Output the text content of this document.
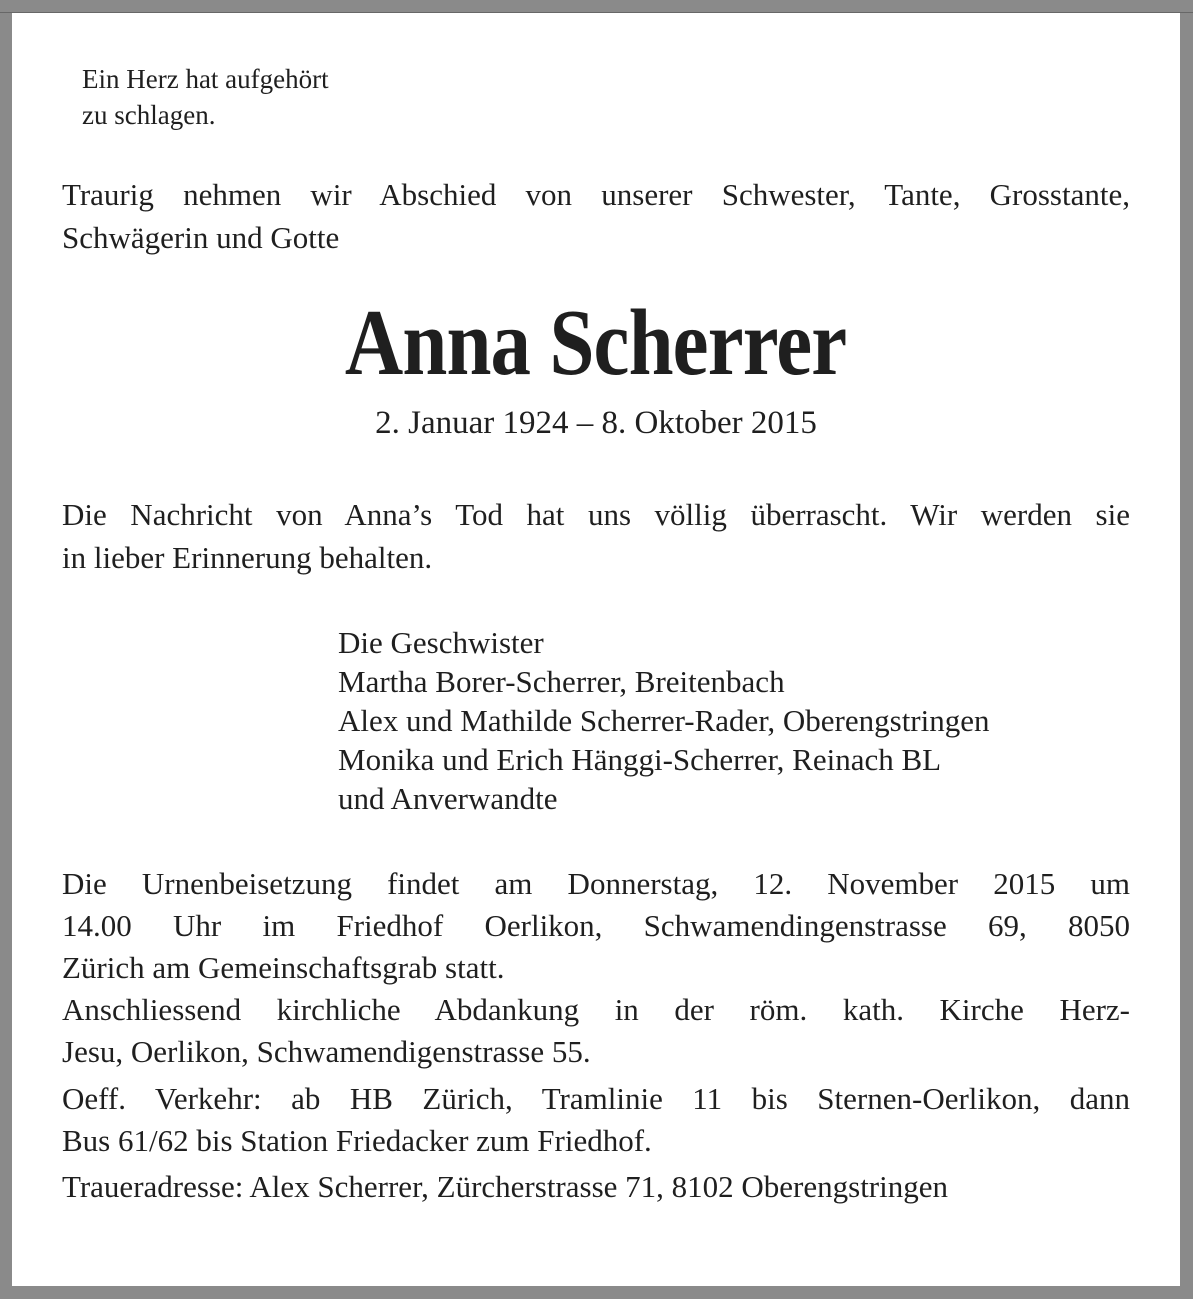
Ein Herz hat aufgehört
zu schlagen.
Traurig nehmen wir Abschied von unserer Schwester, Tante, Grosstante,
Schwägerin und Gotte
Anna Scherrer
2. Januar 1924 – 8. Oktober 2015
Die Nachricht von Anna’s Tod hat uns völlig überrascht. Wir werden sie
in lieber Erinnerung behalten.
Die Geschwister
Martha Borer-Scherrer, Breitenbach
Alex und Mathilde Scherrer-Rader, Oberengstringen
Monika und Erich Hänggi-Scherrer, Reinach BL
und Anverwandte
Die Urnenbeisetzung findet am Donnerstag, 12. November 2015 um
14.00 Uhr im Friedhof Oerlikon, Schwamendingenstrasse 69, 8050
Zürich am Gemeinschaftsgrab statt.
Anschliessend kirchliche Abdankung in der röm. kath. Kirche Herz-
Jesu, Oerlikon, Schwamendigenstrasse 55.
Oeff. Verkehr: ab HB Zürich, Tramlinie 11 bis Sternen-Oerlikon, dann
Bus 61/62 bis Station Friedacker zum Friedhof.
Traueradresse: Alex Scherrer, Zürcherstrasse 71, 8102 Oberengstringen
